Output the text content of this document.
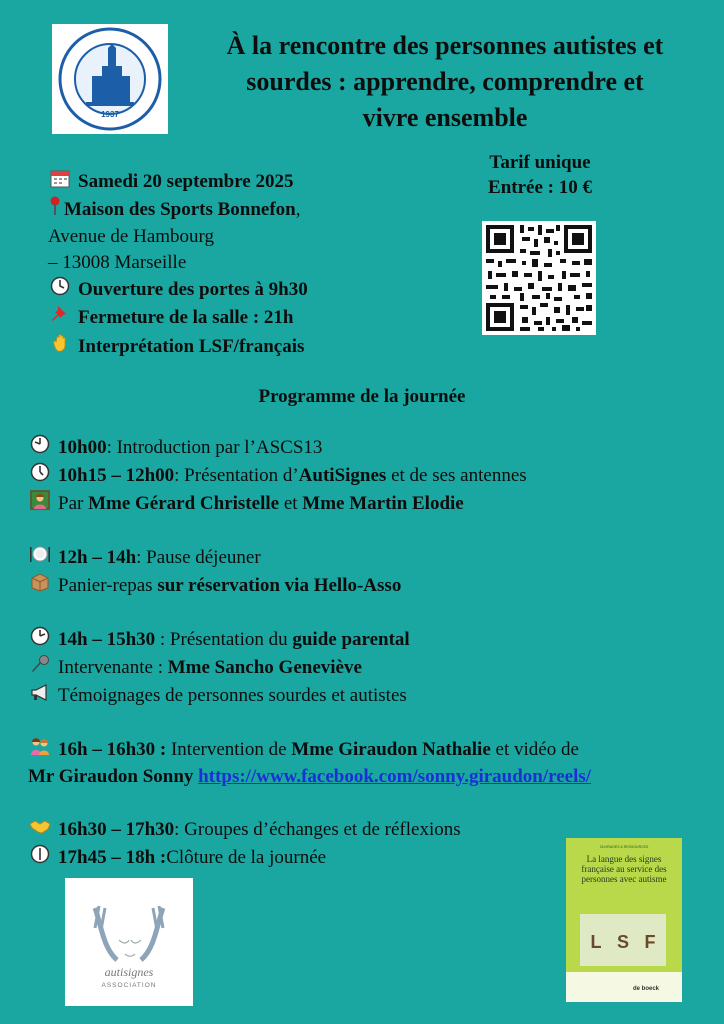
1937
À la rencontre des personnes autistes et
sourdes : apprendre, comprendre et
vivre ensemble
Samedi 20 septembre 2025
Maison des Sports Bonnefon ,
Avenue de Hambourg
– 13008 Marseille
Ouverture des portes à 9h30
Fermeture de la salle : 21h
Interprétation LSF/français
Tarif unique
Entrée : 10 €
Programme de la journée
10h00 : Introduction par l’ASCS13
10h15 – 12h00 : Présentation d’ AutiSignes et de ses antennes
Par Mme Gérard Christelle et Mme Martin Elodie
12h – 14h : Pause déjeuner
Panier-repas sur réservation via Hello-Asso
14h – 15h30 : Présentation du guide parental
Intervenante : Mme Sancho Geneviève
Témoignages de personnes sourdes et autistes
16h – 16h30 : Intervention de Mme Giraudon Nathalie et vidéo de
Mr Giraudon Sonny
https://www.facebook.com/sonny.giraudon/reels/
16h30 – 17h30 : Groupes d’échanges et de réflexions
17h45 – 18h : Clôture de la journée
autisignes
ASSOCIATION
OUVRAGES & RESSOURCES
La langue des signes française au service des personnes avec autisme
L S F
de boeck
